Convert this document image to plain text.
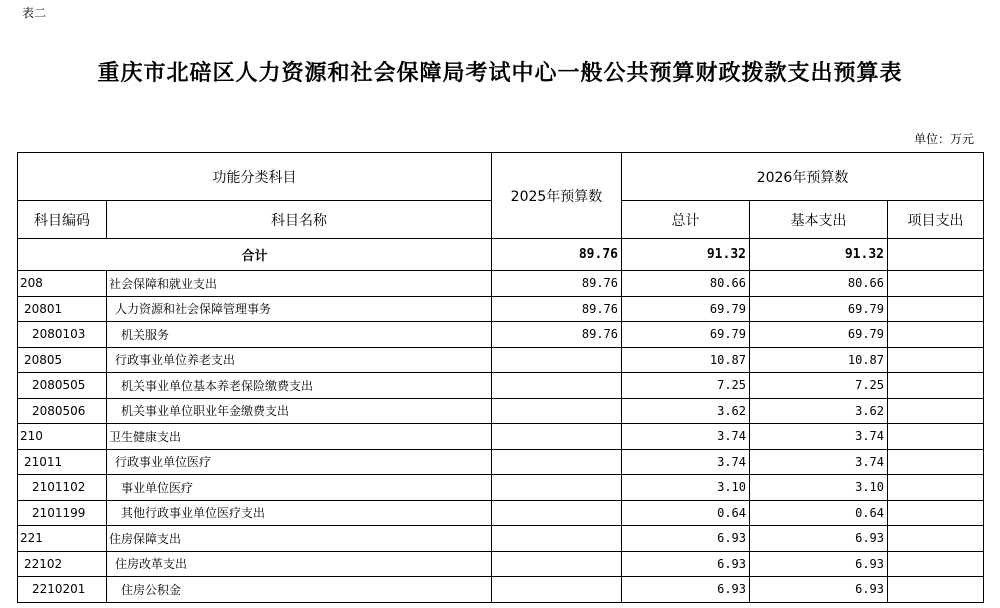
表二
重庆市北碚区人力资源和社会保障局考试中心一般公共预算财政拨款支出预算表
单位：万元
功能分类科目		2025年预算数	2026年预算数		
科目编码	科目名称		总计	基本支出	项目支出
合计		89.76	91.32	91.32	
208	社会保障和就业支出	89.76	80.66	80.66	
20801	人力资源和社会保障管理事务	89.76	69.79	69.79	
2080103	机关服务	89.76	69.79	69.79	
20805	行政事业单位养老支出		10.87	10.87	
2080505	机关事业单位基本养老保险缴费支出		7.25	7.25	
2080506	机关事业单位职业年金缴费支出		3.62	3.62	
210	卫生健康支出		3.74	3.74	
21011	行政事业单位医疗		3.74	3.74	
2101102	事业单位医疗		3.10	3.10	
2101199	其他行政事业单位医疗支出		0.64	0.64	
221	住房保障支出		6.93	6.93	
22102	住房改革支出		6.93	6.93	
2210201	住房公积金		6.93	6.93	
